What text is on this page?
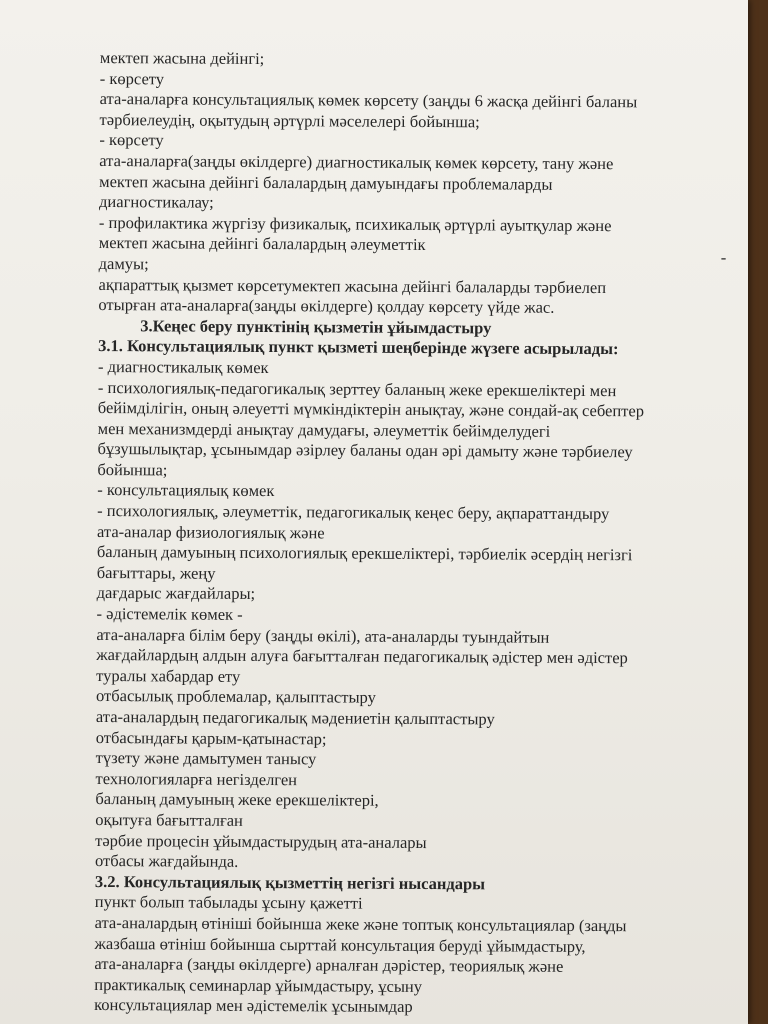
мектеп жасына дейінгі;
- көрсету
ата-аналарға консультациялық көмек көрсету (заңды 6 жасқа дейінгі баланы
тәрбиелеудің, оқытудың әртүрлі мәселелері бойынша;
- көрсету
ата-аналарға(заңды өкілдерге) диагностикалық көмек көрсету, тану және
мектеп жасына дейінгі балалардың дамуындағы проблемаларды
диагностикалау;
- профилактика жүргізу физикалық, психикалық әртүрлі ауытқулар және
мектеп жасына дейінгі балалардың әлеуметтік
дамуы;
ақпараттық қызмет көрсетумектеп жасына дейінгі балаларды тәрбиелеп
отырған ата-аналарға(заңды өкілдерге) қолдау көрсету үйде жас.
3.Кеңес беру пунктінің қызметін ұйымдастыру
3.1. Консультациялық пункт қызметі шеңберінде жүзеге асырылады:
- диагностикалық көмек
- психологиялық-педагогикалық зерттеу баланың жеке ерекшеліктері мен
бейімділігін, оның әлеуетті мүмкіндіктерін анықтау, және сондай-ақ себептер
мен механизмдерді анықтау дамудағы, әлеуметтік бейімделудегі
бұзушылықтар, ұсынымдар әзірлеу баланы одан әрі дамыту және тәрбиелеу
бойынша;
- консультациялық көмек
- психологиялық, әлеуметтік, педагогикалық кеңес беру, ақпараттандыру
ата-аналар физиологиялық және
баланың дамуының психологиялық ерекшеліктері, тәрбиелік әсердің негізгі
бағыттары, жеңу
дағдарыс жағдайлары;
- әдістемелік көмек -
ата-аналарға білім беру (заңды өкілі), ата-аналарды туындайтын
жағдайлардың алдын алуға бағытталған педагогикалық әдістер мен әдістер
туралы хабардар ету
отбасылық проблемалар, қалыптастыру
ата-аналардың педагогикалық мәдениетін қалыптастыру
отбасындағы қарым-қатынастар;
түзету және дамытумен танысу
технологияларға негізделген
баланың дамуының жеке ерекшеліктері,
оқытуға бағытталған
тәрбие процесін ұйымдастырудың ата-аналары
отбасы жағдайында.
3.2. Консультациялық қызметтің негізгі нысандары
пункт болып табылады ұсыну қажетті
ата-аналардың өтініші бойынша жеке және топтық консультациялар (заңды
жазбаша өтініш бойынша сырттай консультация беруді ұйымдастыру,
ата-аналарға (заңды өкілдерге) арналған дәрістер, теориялық және
практикалық семинарлар ұйымдастыру, ұсыну
консультациялар мен әдістемелік ұсынымдар
-
